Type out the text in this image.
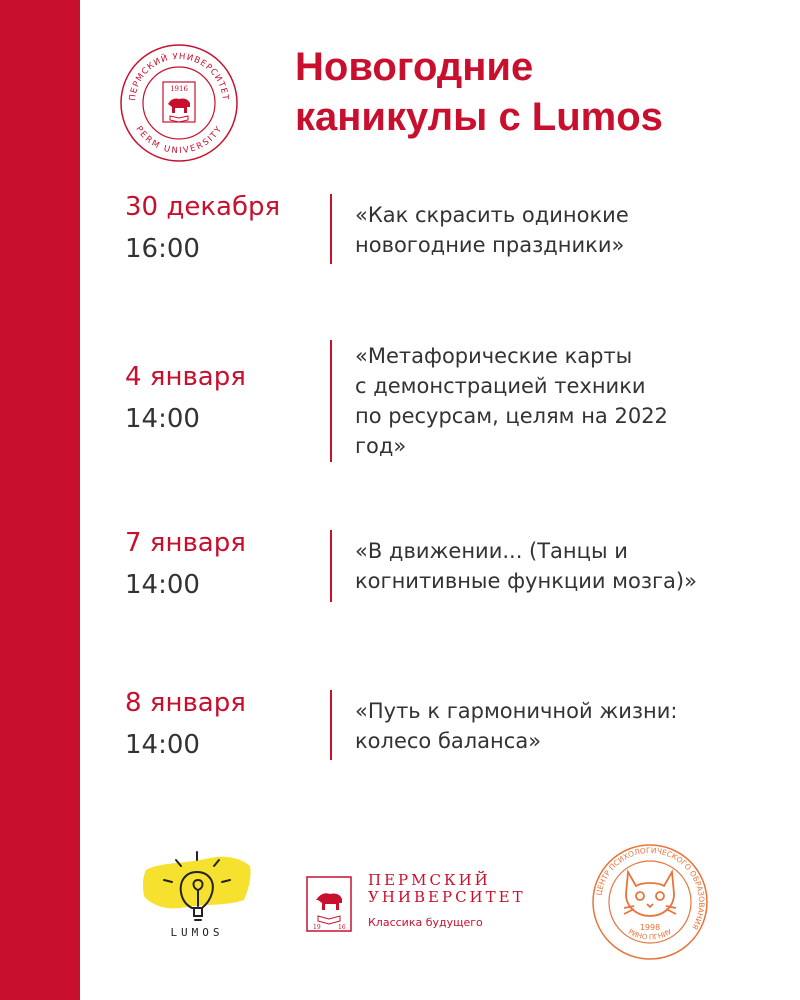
ПЕРМСКИЙ УНИВЕРСИТЕТ
PERM UNIVERSITY
1916	Новогодние
каникулы с Lumos
30 декабря
16:00
«Как скрасить одинокие
новогодние праздники»
4 января
14:00
«Метафорические карты
с демонстрацией техники
по ресурсам, целям на 2022
год»
7 января
14:00
«В движении... (Танцы и
когнитивные функции мозга)»
8 января
14:00
«Путь к гармоничной жизни:
колесо баланса»
LUMOS	19	16
ПЕРМСКИЙ
УНИВЕРСИТЕТ
Классика будущего
ЦЕНТР ПСИХОЛОГИЧЕСКОГО ОБРАЗОВАНИЯ
1998
РИНО ПГНИУ
